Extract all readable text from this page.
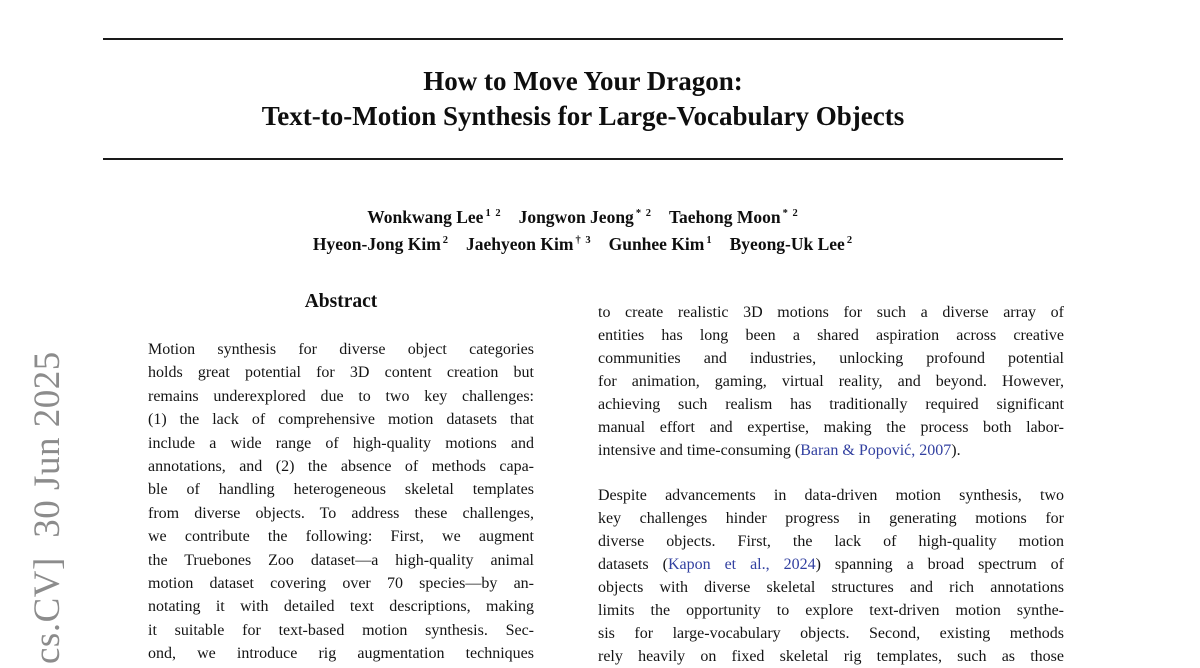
cs.CV]  30 Jun 2025
How to Move Your Dragon:
Text-to-Motion Synthesis for Large-Vocabulary Objects
Wonkwang Lee $^{1 2}$ Jongwon Jeong $^{* 2}$ Taehong Moon $^{* 2}$
Hyeon-Jong Kim $^2$ Jaehyeon Kim $^{\dagger 3}$ Gunhee Kim $^1$ Byeong-Uk Lee $^2$
Abstract
Motion synthesis for diverse object categories
holds great potential for 3D content creation but
remains underexplored due to two key challenges:
(1) the lack of comprehensive motion datasets that
include a wide range of high-quality motions and
annotations, and (2) the absence of methods capa-
ble of handling heterogeneous skeletal templates
from diverse objects. To address these challenges,
we contribute the following: First, we augment
the Truebones Zoo dataset—a high-quality animal
motion dataset covering over 70 species—by an-
notating it with detailed text descriptions, making
it suitable for text-based motion synthesis. Sec-
ond, we introduce rig augmentation techniques
to create realistic 3D motions for such a diverse array of
entities has long been a shared aspiration across creative
communities and industries, unlocking profound potential
for animation, gaming, virtual reality, and beyond. However,
achieving such realism has traditionally required significant
manual effort and expertise, making the process both labor-
intensive and time-consuming (Baran & Popović, 2007).
Despite advancements in data-driven motion synthesis, two
key challenges hinder progress in generating motions for
diverse objects. First, the lack of high-quality motion
datasets (Kapon et al., 2024) spanning a broad spectrum of
objects with diverse skeletal structures and rich annotations
limits the opportunity to explore text-driven motion synthe-
sis for large-vocabulary objects. Second, existing methods
rely heavily on fixed skeletal rig templates, such as those
